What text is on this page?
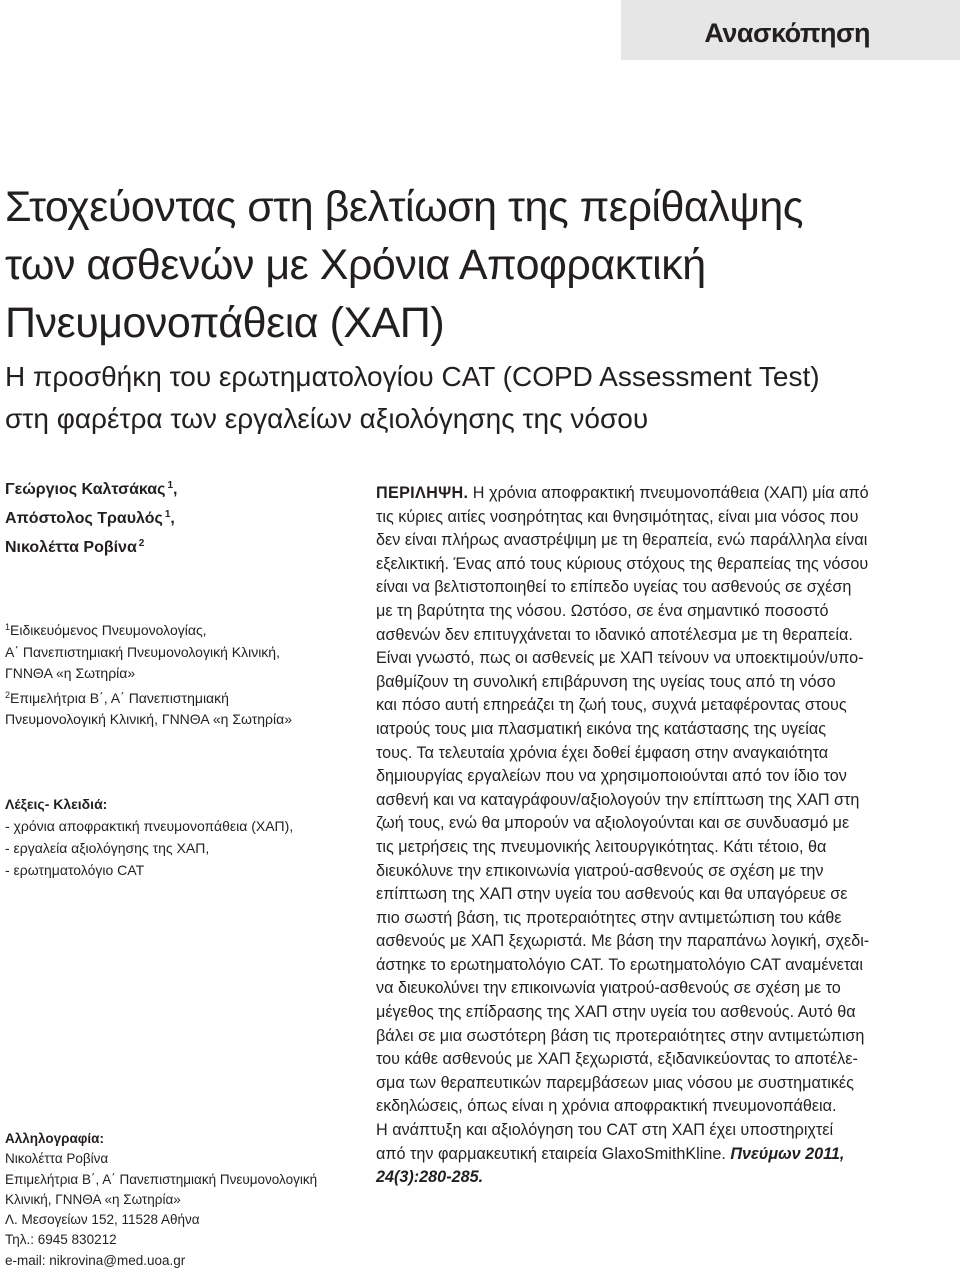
Ανασκόπηση
Στοχεύοντας στη βελτίωση της περίθαλψης
των ασθενών με Χρόνια Αποφρακτική
Πνευμονοπάθεια (ΧΑΠ)
Η προσθήκη του ερωτηματολογίου CAT (COPD Assessment Test)
στη φαρέτρα των εργαλείων αξιολόγησης της νόσου
Γεώργιος Καλτσάκας $^1$,
Απόστολος Τραυλός $^1$,
Νικολέττα Ροβίνα $^2$
$^1$Ειδικευόμενος Πνευμονολογίας,
Α΄ Πανεπιστημιακή Πνευμονολογική Κλινική,
ΓΝΝΘΑ «η Σωτηρία»
$^2$Επιμελήτρια Β΄, Α΄ Πανεπιστημιακή
Πνευμονολογική Κλινική, ΓΝΝΘΑ «η Σωτηρία»
Λέξεις- Κλειδιά:
- χρόνια αποφρακτική πνευμονοπάθεια (ΧΑΠ),
- εργαλεία αξιολόγησης της ΧΑΠ,
- ερωτηματολόγιο CAT
Αλληλογραφία:
Νικολέττα Ροβίνα
Επιμελήτρια Β΄, Α΄ Πανεπιστημιακή Πνευμονολογική
Κλινική, ΓΝΝΘΑ «η Σωτηρία»
Λ. Μεσογείων 152, 11528 Αθήνα
Τηλ.: 6945 830212
e-mail: nikrovina@med.uoa.gr
ΠΕΡΙΛΗΨΗ. Η χρόνια αποφρακτική πνευμονοπάθεια (ΧΑΠ) μία από
τις κύριες αιτίες νοσηρότητας και θνησιμότητας, είναι μια νόσος που
δεν είναι πλήρως αναστρέψιμη με τη θεραπεία, ενώ παράλληλα είναι
εξελικτική. Ένας από τους κύριους στόχους της θεραπείας της νόσου
είναι να βελτιστοποιηθεί το επίπεδο υγείας του ασθενούς σε σχέση
με τη βαρύτητα της νόσου. Ωστόσο, σε ένα σημαντικό ποσοστό
ασθενών δεν επιτυγχάνεται το ιδανικό αποτέλεσμα με τη θεραπεία.
Είναι γνωστό, πως οι ασθενείς με ΧΑΠ τείνουν να υποεκτιμούν/υπο-
βαθμίζουν τη συνολική επιβάρυνση της υγείας τους από τη νόσο
και πόσο αυτή επηρεάζει τη ζωή τους, συχνά μεταφέροντας στους
ιατρούς τους μια πλασματική εικόνα της κατάστασης της υγείας
τους. Τα τελευταία χρόνια έχει δοθεί έμφαση στην αναγκαιότητα
δημιουργίας εργαλείων που να χρησιμοποιούνται από τον ίδιο τον
ασθενή και να καταγράφουν/αξιολογούν την επίπτωση της ΧΑΠ στη
ζωή τους, ενώ θα μπορούν να αξιολογούνται και σε συνδυασμό με
τις μετρήσεις της πνευμονικής λειτουργικότητας. Κάτι τέτοιο, θα
διευκόλυνε την επικοινωνία γιατρού-ασθενούς σε σχέση με την
επίπτωση της ΧΑΠ στην υγεία του ασθενούς και θα υπαγόρευε σε
πιο σωστή βάση, τις προτεραιότητες στην αντιμετώπιση του κάθε
ασθενούς με ΧΑΠ ξεχωριστά. Με βάση την παραπάνω λογική, σχεδι-
άστηκε το ερωτηματολόγιο CAT. Το ερωτηματολόγιο CAT αναμένεται
να διευκολύνει την επικοινωνία γιατρού-ασθενούς σε σχέση με το
μέγεθος της επίδρασης της ΧΑΠ στην υγεία του ασθενούς. Αυτό θα
βάλει σε μια σωστότερη βάση τις προτεραιότητες στην αντιμετώπιση
του κάθε ασθενούς με ΧΑΠ ξεχωριστά, εξιδανικεύοντας το αποτέλε-
σμα των θεραπευτικών παρεμβάσεων μιας νόσου με συστηματικές
εκδηλώσεις, όπως είναι η χρόνια αποφρακτική πνευμονοπάθεια.
Η ανάπτυξη και αξιολόγηση του CAT στη ΧΑΠ έχει υποστηριχτεί
από την φαρμακευτική εταιρεία GlaxoSmithKline. Πνεύμων 2011,
24(3):280-285.
